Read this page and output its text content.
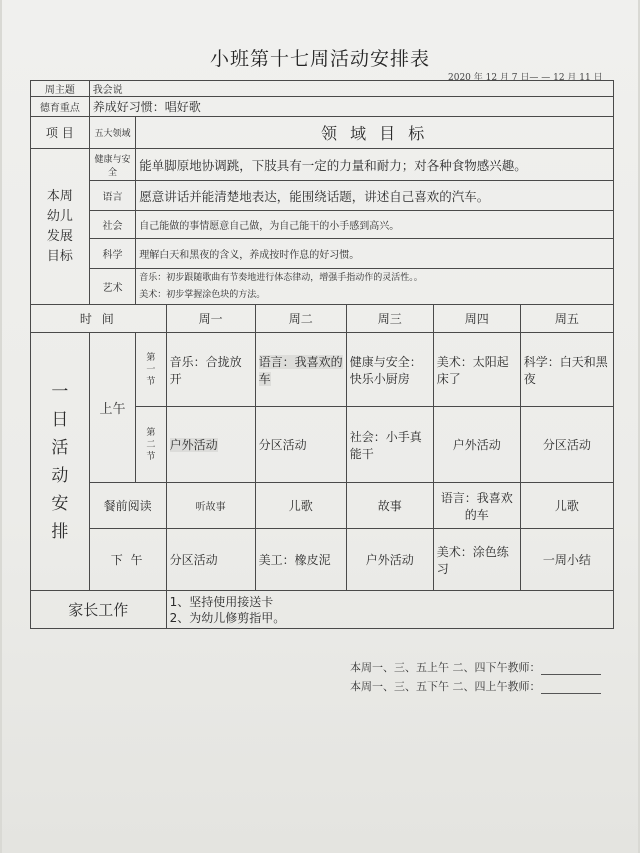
小班第十七周活动安排表
2020 年 12 月 7 日— — 12 月 11 日
周主题	我会说						
德育重点	养成好习惯：唱好歌						
项 目	五大领域	领 域 目 标					
本周幼儿发展目标	健康与安全	能单脚原地协调跳，下肢具有一定的力量和耐力；对各种食物感兴趣。					
	语言	愿意讲话并能清楚地表达，能围绕话题，讲述自己喜欢的汽车。					
	社会	自己能做的事情愿意自己做，为自己能干的小手感到高兴。					
	科学	理解白天和黑夜的含义，养成按时作息的好习惯。					
	艺术	音乐：初步跟随歌曲有节奏地进行体态律动，增强手指动作的灵活性。。
美术：初步掌握涂色块的方法。					

时 间			周一	周二	周三	周四	周五

一日活动安排	上午	第一节	音乐：合拢放开	语言：我喜欢的车	健康与安全：快乐小厨房	美术：太阳起床了	科学：白天和黑夜

		第二节	户外活动	分区活动	社会：小手真能干	户外活动	分区活动
	餐前阅读		听故事	儿歌	故事	语言：我喜欢的车	儿歌
	下 午		分区活动	美工：橡皮泥	户外活动	美术：涂色练习	一周小结
家长工作			1、坚持使用接送卡
2、为幼儿修剪指甲。				
本周一、三、五上午 二、四下午教师：
本周一、三、五下午 二、四上午教师：
